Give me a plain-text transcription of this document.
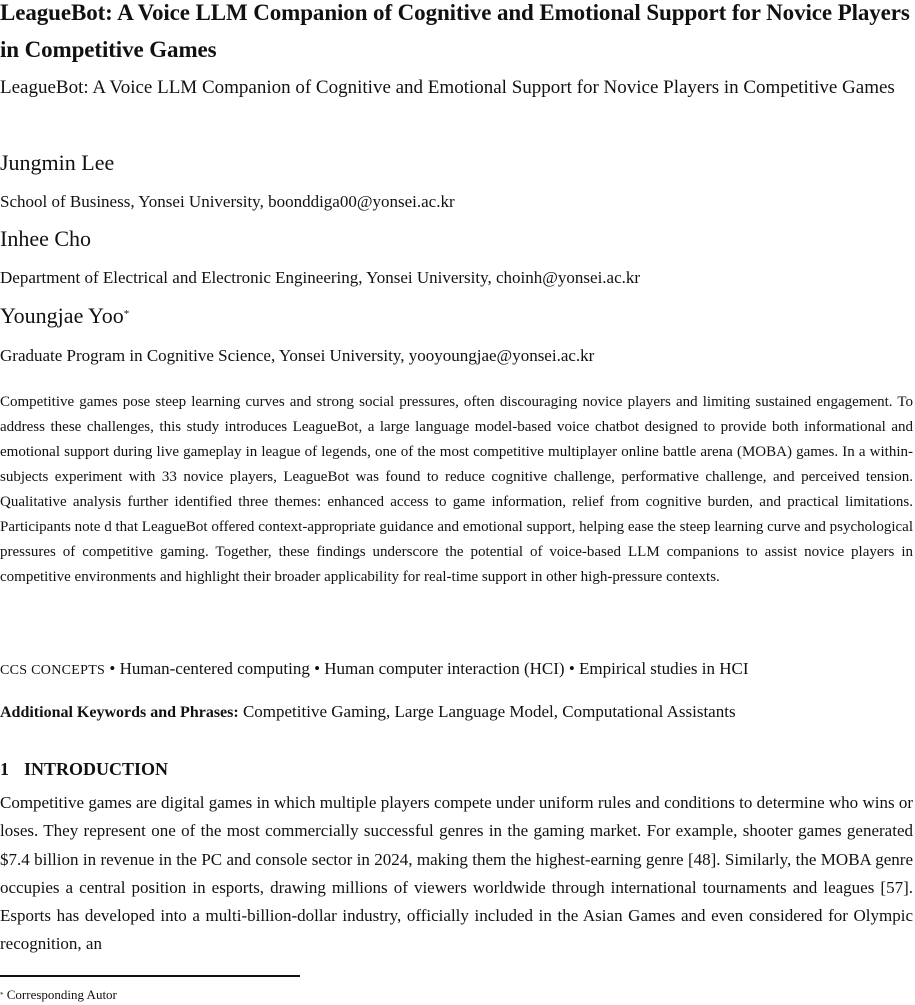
LeagueBot: A Voice LLM Companion of Cognitive and Emotional Support for Novice Players in Competitive Games

LeagueBot: A Voice LLM Companion of Cognitive and Emotional Support for Novice Players in Competitive Games

Jungmin Lee

School of Business, Yonsei University, boonddiga00@yonsei.ac.kr

Inhee Cho

Department of Electrical and Electronic Engineering, Yonsei University, choinh@yonsei.ac.kr

Youngjae Yoo*

Graduate Program in Cognitive Science, Yonsei University, yooyoungjae@yonsei.ac.kr

Competitive games pose steep learning curves and strong social pressures, often discouraging novice players and limiting sustained engagement. To address these challenges, this study introduces LeagueBot, a large language model-based voice chatbot designed to provide both informational and emotional support during live gameplay in league of legends, one of the most competitive multiplayer online battle arena (MOBA) games. In a within-subjects experiment with 33 novice players, LeagueBot was found to reduce cognitive challenge, performative challenge, and perceived tension. Qualitative analysis further identified three themes: enhanced access to game information, relief from cognitive burden, and practical limitations. Participants note d that LeagueBot offered context-appropriate guidance and emotional support, helping ease the steep learning curve and psychological pressures of competitive gaming. Together, these findings underscore the potential of voice-based LLM companions to assist novice players in competitive environments and highlight their broader applicability for real-time support in other high-pressure contexts.

CCS CONCEPTS • Human-centered computing • Human computer interaction (HCI) • Empirical studies in HCI

Additional Keywords and Phrases: Competitive Gaming, Large Language Model, Computational Assistants

1 INTRODUCTION

Competitive games are digital games in which multiple players compete under uniform rules and conditions to determine who wins or loses. They represent one of the most commercially successful genres in the gaming market. For example, shooter games generated $7.4 billion in revenue in the PC and console sector in 2024, making them the highest-earning genre [48]. Similarly, the MOBA genre occupies a central position in esports, drawing millions of viewers worldwide through international tournaments and leagues [57]. Esports has developed into a multi-billion-dollar industry, officially included in the Asian Games and even considered for Olympic recognition, an

* Corresponding Autor
